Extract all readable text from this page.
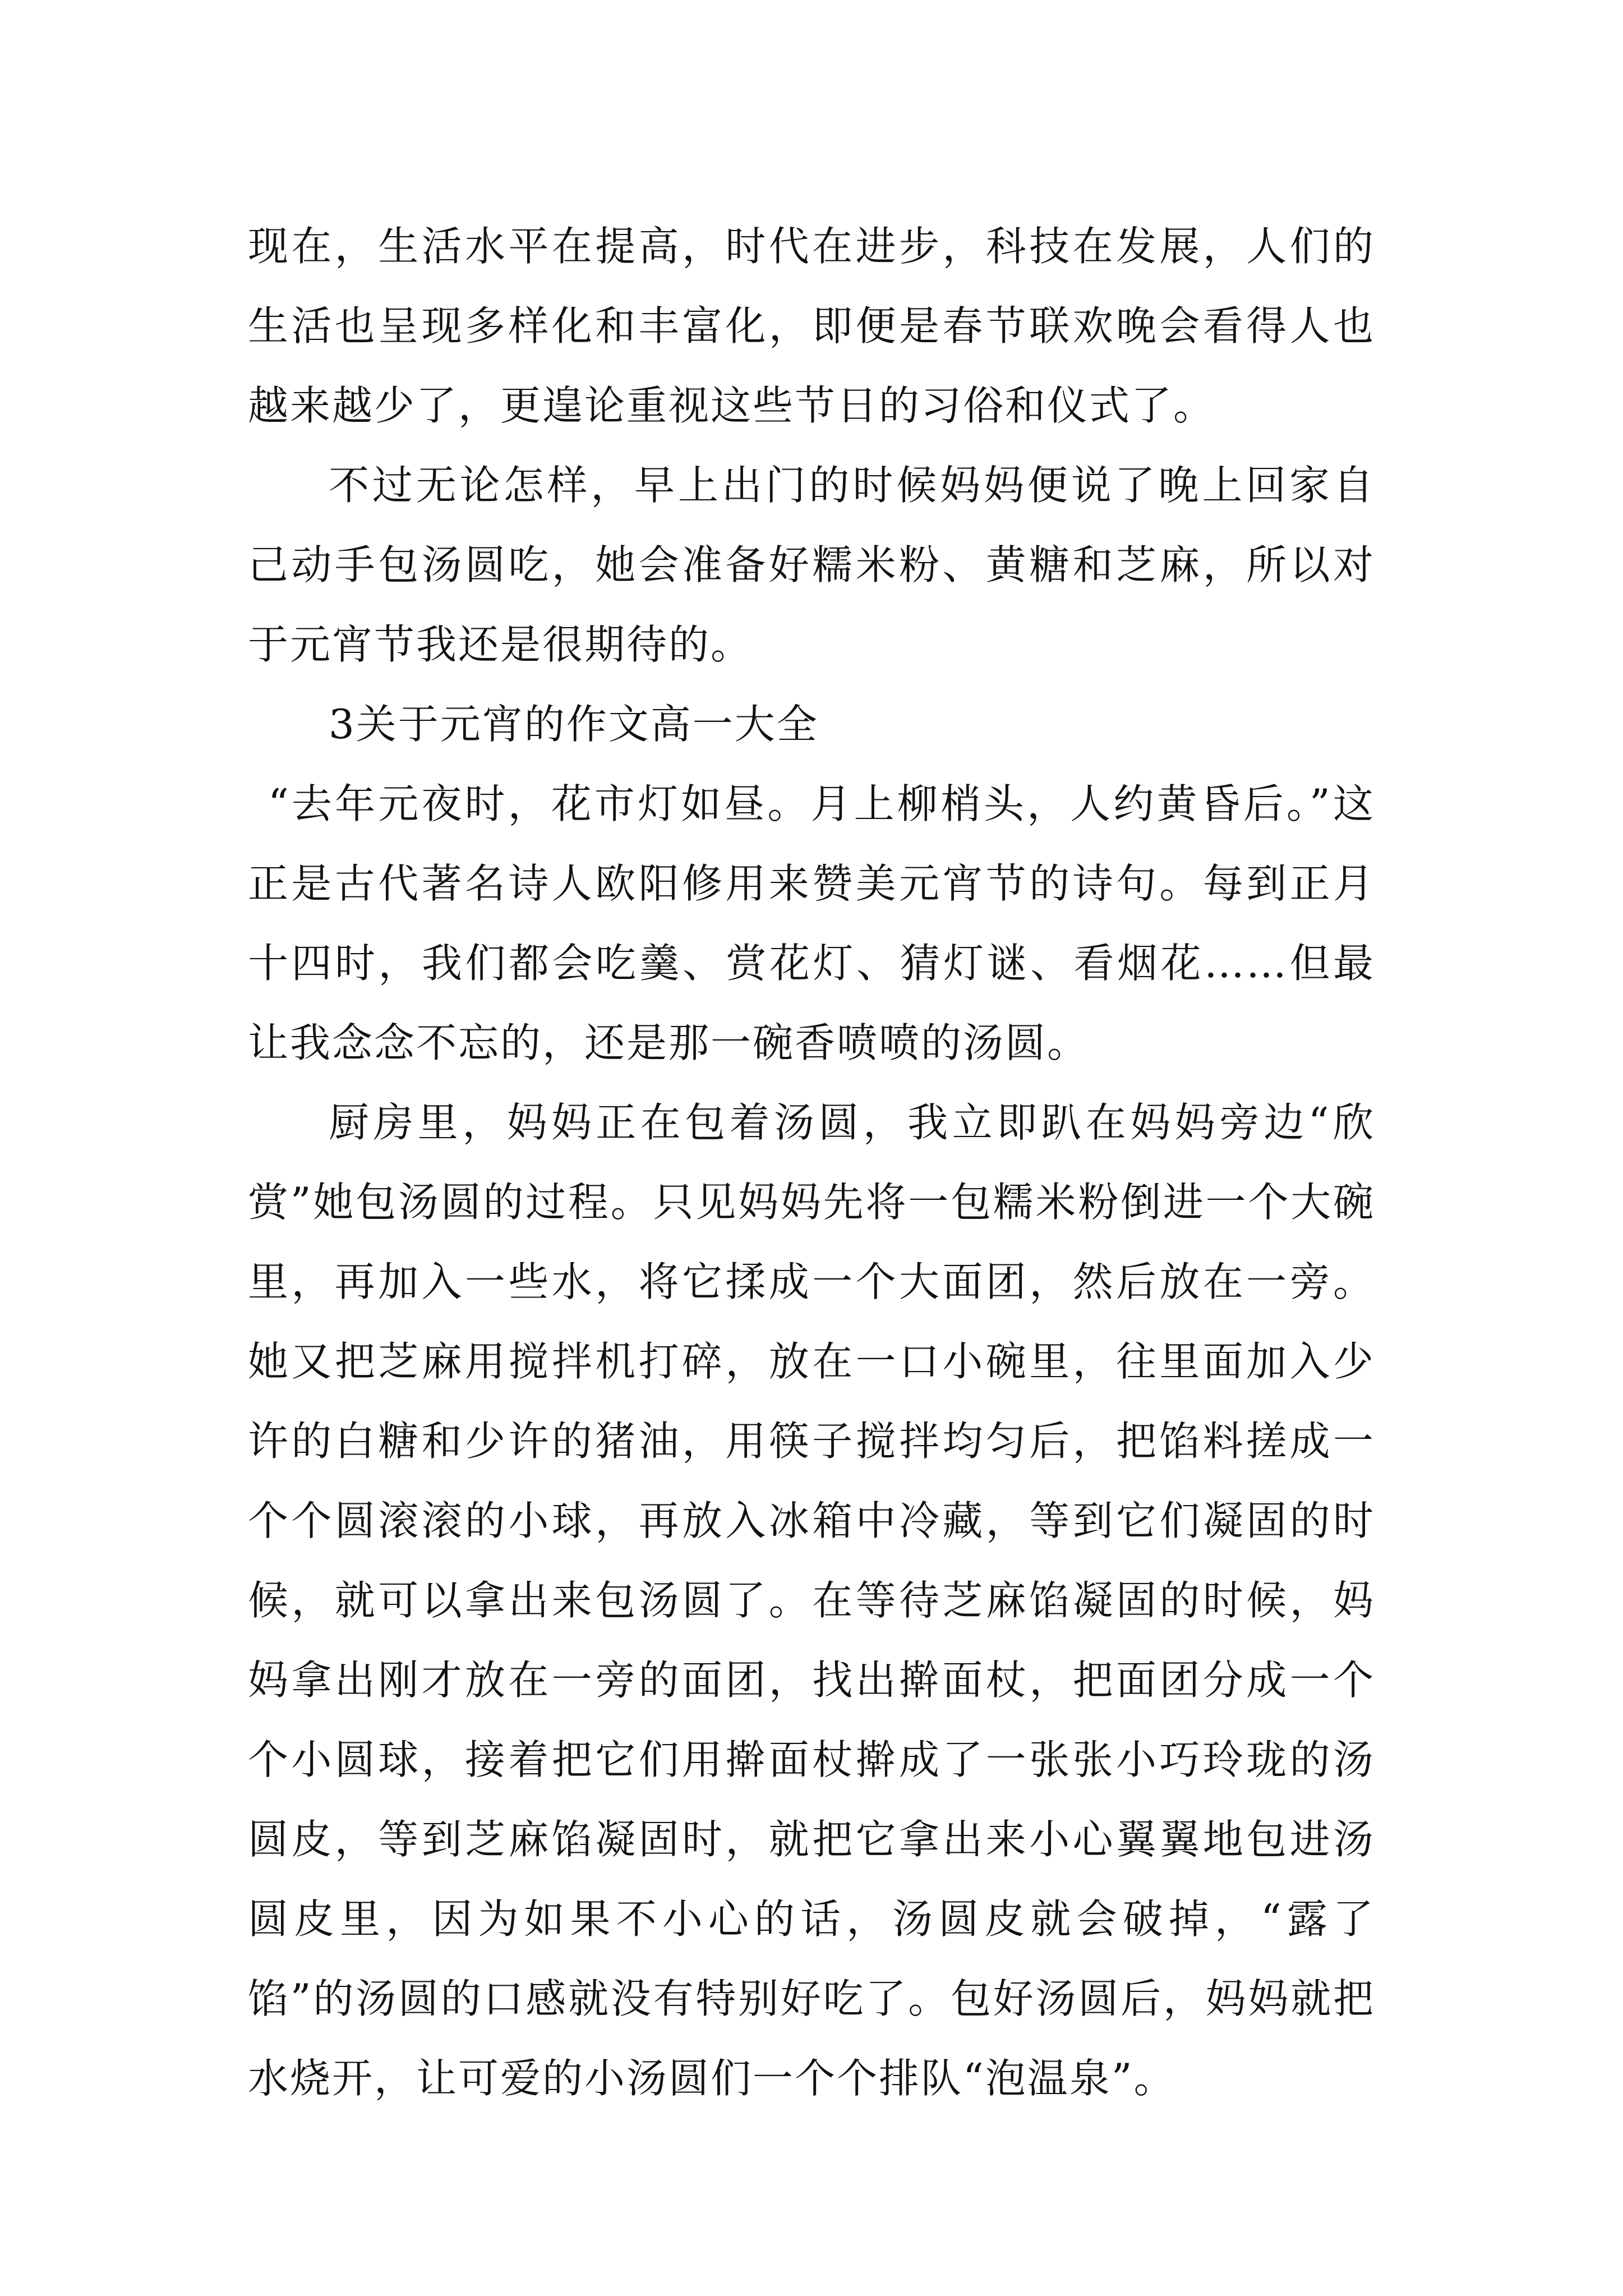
现在，生活水平在提高，时代在进步，科技在发展，人们的生活也呈现多样化和丰富化，即便是春节联欢晚会看得人也越来越少了，更遑论重视这些节日的习俗和仪式了。

不过无论怎样，早上出门的时候妈妈便说了晚上回家自己动手包汤圆吃，她会准备好糯米粉、黄糖和芝麻，所以对于元宵节我还是很期待的。

3关于元宵的作文高一大全

“去年元夜时，花市灯如昼。月上柳梢头，人约黄昏后。”这正是古代著名诗人欧阳修用来赞美元宵节的诗句。每到正月十四时，我们都会吃羹、赏花灯、猜灯谜、看烟花……但最让我念念不忘的，还是那一碗香喷喷的汤圆。

厨房里，妈妈正在包着汤圆，我立即趴在妈妈旁边“欣赏”她包汤圆的过程。只见妈妈先将一包糯米粉倒进一个大碗里，再加入一些水，将它揉成一个大面团，然后放在一旁。她又把芝麻用搅拌机打碎，放在一口小碗里，往里面加入少许的白糖和少许的猪油，用筷子搅拌均匀后，把馅料搓成一个个圆滚滚的小球，再放入冰箱中冷藏，等到它们凝固的时候，就可以拿出来包汤圆了。在等待芝麻馅凝固的时候，妈妈拿出刚才放在一旁的面团，找出擀面杖，把面团分成一个个小圆球，接着把它们用擀面杖擀成了一张张小巧玲珑的汤圆皮，等到芝麻馅凝固时，就把它拿出来小心翼翼地包进汤圆皮里，因为如果不小心的话，汤圆皮就会破掉，“露了馅”的汤圆的口感就没有特别好吃了。包好汤圆后，妈妈就把水烧开，让可爱的小汤圆们一个个排队“泡温泉”。
